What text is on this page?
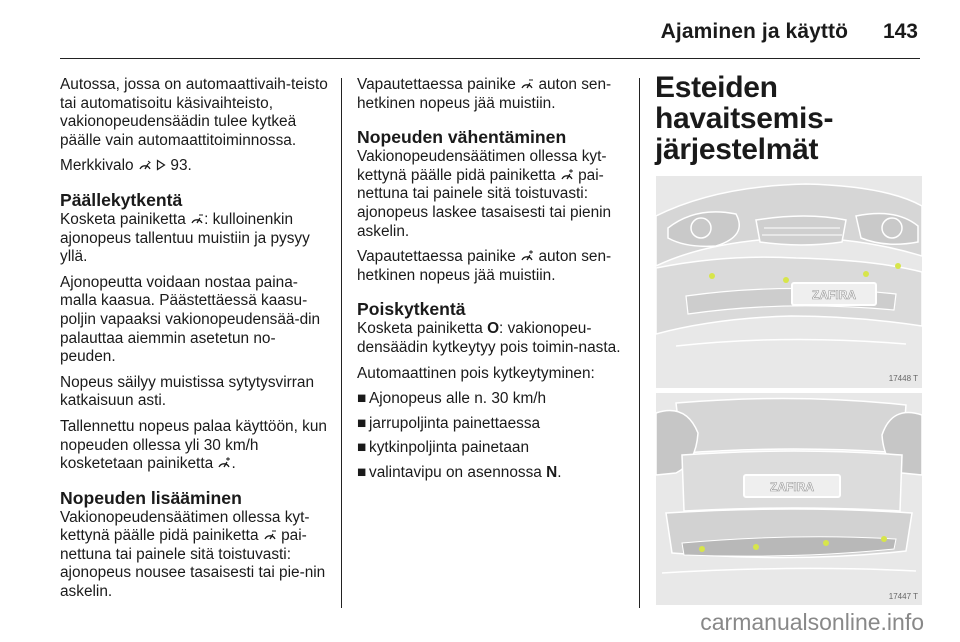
Ajaminen ja käyttö 143

Autossa, jossa on automaattivaih-teisto tai automatisoitu käsivaihteisto, vakionopeudensäädin tulee kytkeä päälle vain automaattitoiminnossa.

Merkkivalo 93.

Päällekytkentä

Kosketa painiketta : kulloinenkin ajonopeus tallentuu muistiin ja pysyy yllä.

Ajonopeutta voidaan nostaa paina-malla kaasua. Päästettäessä kaasu-poljin vapaaksi vakionopeudensää-din palauttaa aiemmin asetetun no-peuden.

Nopeus säilyy muistissa sytytysvirran katkaisuun asti.

Tallennettu nopeus palaa käyttöön, kun nopeuden ollessa yli 30 km/h kosketetaan painiketta .

Nopeuden lisääminen

Vakionopeudensäätimen ollessa kyt-kettynä päälle pidä painiketta pai-nettuna tai painele sitä toistuvasti: ajonopeus nousee tasaisesti tai pie-nin askelin.

Vapautettaessa painike auton sen-hetkinen nopeus jää muistiin.

Nopeuden vähentäminen

Vakionopeudensäätimen ollessa kyt-kettynä päälle pidä painiketta pai-nettuna tai painele sitä toistuvasti: ajonopeus laskee tasaisesti tai pienin askelin.

Vapautettaessa painike auton sen-hetkinen nopeus jää muistiin.

Poiskytkentä

Kosketa painiketta O: vakionopeu-densäädin kytkeytyy pois toimin-nasta.

Automaattinen pois kytkeytyminen:

■ Ajonopeus alle n. 30 km/h
■ jarrupoljinta painettaessa
■ kytkinpoljinta painetaan
■ valintavipu on asennossa N.
Esteiden havaitsemis-järjestelmät
ZAFIRA
17448 T
ZAFIRA
17447 T
carmanualsonline.info
